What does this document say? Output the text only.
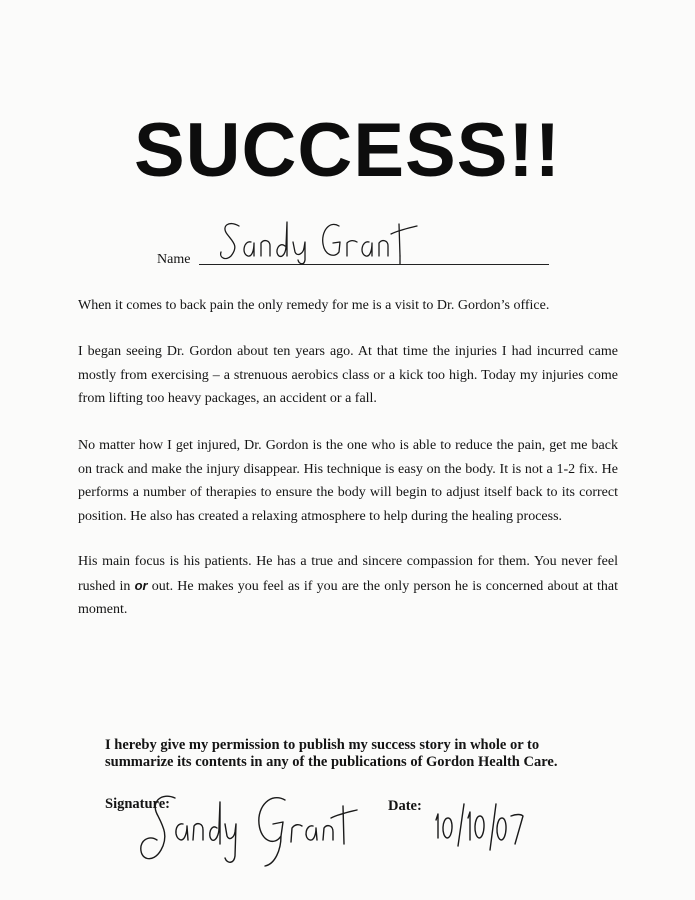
SUCCESS!!
Name

When it comes to back pain the only remedy for me is a visit to Dr. Gordon’s office.

I began seeing Dr. Gordon about ten years ago. At that time the injuries I had incurred came mostly from exercising – a strenuous aerobics class or a kick too high. Today my injuries come from lifting too heavy packages, an accident or a fall.

No matter how I get injured, Dr. Gordon is the one who is able to reduce the pain, get me back on track and make the injury disappear. His technique is easy on the body. It is not a 1-2 fix. He performs a number of therapies to ensure the body will begin to adjust itself back to its correct position. He also has created a relaxing atmosphere to help during the healing process.

His main focus is his patients. He has a true and sincere compassion for them. You never feel rushed in or out. He makes you feel as if you are the only person he is concerned about at that moment.

I hereby give my permission to publish my success story in whole or to summarize its contents in any of the publications of Gordon Health Care.

Signature:	Date:
